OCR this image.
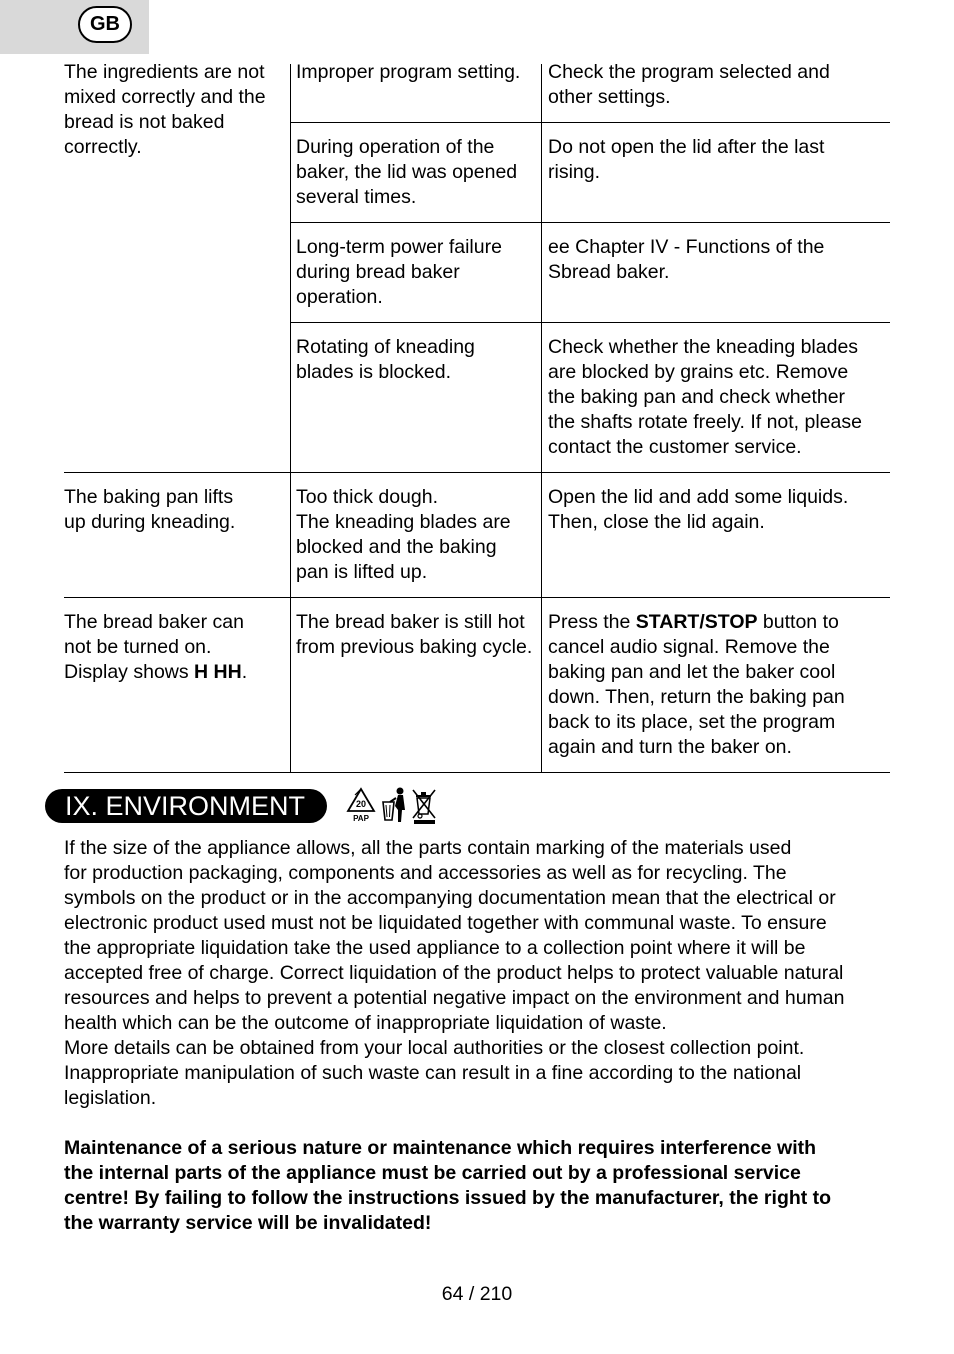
GB
The ingredients are not
mixed correctly and the
bread is not baked
correctly.
Improper program setting.	Check the program selected and
other settings.
During operation of the
baker, the lid was opened
several times.
Do not open the lid after the last
rising.
Long-term power failure
during bread baker
operation.
ee Chapter IV - Functions of the
Sbread baker.
Rotating of kneading
blades is blocked.
Check whether the kneading blades
are blocked by grains etc. Remove
the baking pan and check whether
the shafts rotate freely. If not, please
contact the customer service.
The baking pan lifts
up during kneading.
Too thick dough.
The kneading blades are
blocked and the baking
pan is lifted up.
Open the lid and add some liquids.
Then, close the lid again.
The bread baker can
not be turned on.
Display shows H HH.
The bread baker is still hot
from previous baking cycle.
Press the START/STOP button to
cancel audio signal. Remove the
baking pan and let the baker cool
down. Then, return the baking pan
back to its place, set the program
again and turn the baker on.
IX. ENVIRONMENT	20
PAP
If the size of the appliance allows, all the parts contain marking of the materials used
for production packaging, components and accessories as well as for recycling. The
symbols on the product or in the accompanying documentation mean that the electrical or
electronic product used must not be liquidated together with communal waste. To ensure
the appropriate liquidation take the used appliance to a collection point where it will be
accepted free of charge. Correct liquidation of the product helps to protect valuable natural
resources and helps to prevent a potential negative impact on the environment and human
health which can be the outcome of inappropriate liquidation of waste.
More details can be obtained from your local authorities or the closest collection point.
Inappropriate manipulation of such waste can result in a fine according to the national
legislation.
Maintenance of a serious nature or maintenance which requires interference with
the internal parts of the appliance must be carried out by a professional service
centre! By failing to follow the instructions issued by the manufacturer, the right to
the warranty service will be invalidated!
64 / 210
